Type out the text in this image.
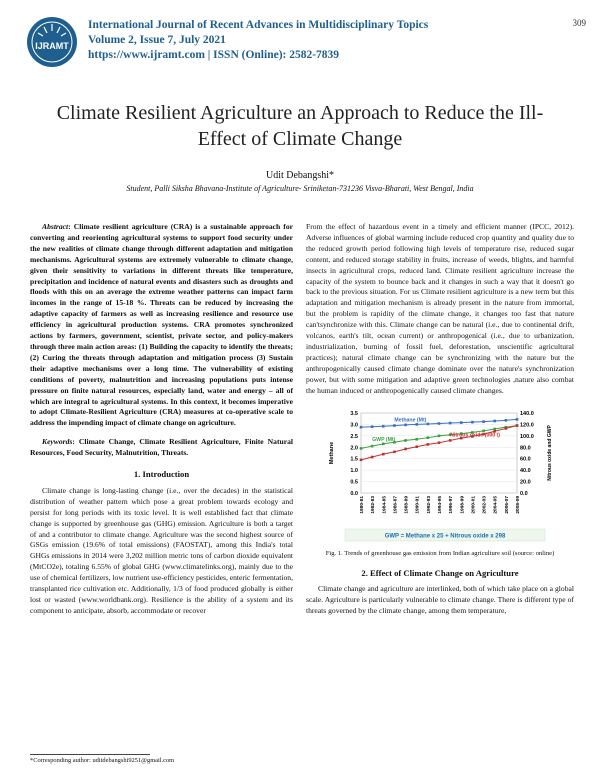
IJRAMT
International Journal of Recent Advances in Multidisciplinary Topics
Volume 2, Issue 7, July 2021
https://www.ijramt.com | ISSN (Online): 2582-7839
309
Climate Resilient Agriculture an Approach to Reduce the Ill-Effect of Climate Change
Udit Debangshi*
Student, Palli Siksha Bhavana-Institute of Agriculture- Sriniketan-731236 Visva-Bharati, West Bengal, India

Abstract: Climate resilient agriculture (CRA) is a sustainable approach for converting and reorienting agricultural systems to support food security under the new realities of climate change through different adaptation and mitigation mechanisms. Agricultural systems are extremely vulnerable to climate change, given their sensitivity to variations in different threats like temperature, precipitation and incidence of natural events and disasters such as droughts and floods with this on an average the extreme weather patterns can impact farm incomes in the range of 15-18 %. Threats can be reduced by increasing the adaptive capacity of farmers as well as increasing resilience and resource use efficiency in agricultural production systems. CRA promotes synchronized actions by farmers, government, scientist, private sector, and policy-makers through three main action areas: (1) Building the capacity to identify the threats; (2) Curing the threats through adaptation and mitigation process (3) Sustain their adaptive mechanisms over a long time. The vulnerability of existing conditions of poverty, malnutrition and increasing populations puts intense pressure on finite natural resources, especially land, water and energy – all of which are integral to agricultural systems. In this context, it becomes imperative to adopt Climate-Resilient Agriculture (CRA) measures at co-operative scale to address the impending impact of climate change on agriculture.

Keywords: Climate Change, Climate Resilient Agriculture, Finite Natural Resources, Food Security, Malnutrition, Threats.

1. Introduction

Climate change is long-lasting change (i.e., over the decades) in the statistical distribution of weather pattern which pose a great problem towards ecology and persist for long periods with its toxic level. It is well established fact that climate change is supported by greenhouse gas (GHG) emission. Agriculture is both a target of and a contributor to climate change. Agriculture was the second highest source of GSGs emission (19.6% of total emissions) (FAOSTAT), among this India's total GHGs emissions in 2014 were 3,202 million metric tons of carbon dioxide equivalent (MtCO2e), totaling 6.55% of global GHG (www.climatelinks.org), mainly due to the use of chemical fertilizers, low nutrient use-efficiency pesticides, enteric fermentation, transplanted rice cultivation etc. Additionally, 1/3 of food produced globally is either lost or wasted (www.worldbank.org). Resilience is the ability of a system and its component to anticipate, absorb, accommodate or recover

From the effect of hazardous event in a timely and efficient manner (IPCC, 2012). Adverse influences of global warming include reduced crop quantity and quality due to the reduced growth period following high levels of temperature rise, reduced sugar content, and reduced storage stability in fruits, increase of weeds, blights, and harmful insects in agricultural crops, reduced land. Climate resilient agriculture increase the capacity of the system to bounce back and it changes in such a way that it doesn't go back to the previous situation. For us Climate resilient agriculture is a new term but this adaptation and mitigation mechanism is already present in the nature from immortal, but the problem is rapidity of the climate change, it changes too fast that nature can'tsynchronize with this. Climate change can be natural (i.e., due to continental drift, volcanos, earth's tilt, ocean current) or anthropogenical (i.e., due to urbanization, industrialization, burning of fossil fuel, deforestation, unscientific agricultural practices); natural climate change can be synchronizing with the nature but the anthropogenically caused climate change dominate over the nature's synchronization power, but with some mitigation and adaptive green technologies ,nature also combat the human induced or anthropogenically caused climate changes.

0.0
0.5
1.0
1.5
2.0
2.5
3.0
3.5
0.0
20.0
40.0
60.0
80.0
100.0
120.0
140.0
1980-81 1982-83 1984-85 1986-87 1988-89 1990-91 1992-93 1994-95 1996-97 1998-99 2000-01 2002-03 2004-05 2006-07 2008-09
Methane	Nitrous oxide and GWP
Methane (Mt)
GWP (Mt)
Nitrous oxide (000 t)
GWP = Methane x 25 + Nitrous oxide x 298
Fig. 1. Trends of greenhouse gas emission from Indian agriculture soil (source: online)
2. Effect of Climate Change on Agriculture

Climate change and agriculture are interlinked, both of which take place on a global scale. Agriculture is particularly vulnerable to climate change. There is different type of threats governed by the climate change, among them temperature,

*Corresponding author: uditdebangshi9251@gmail.com
